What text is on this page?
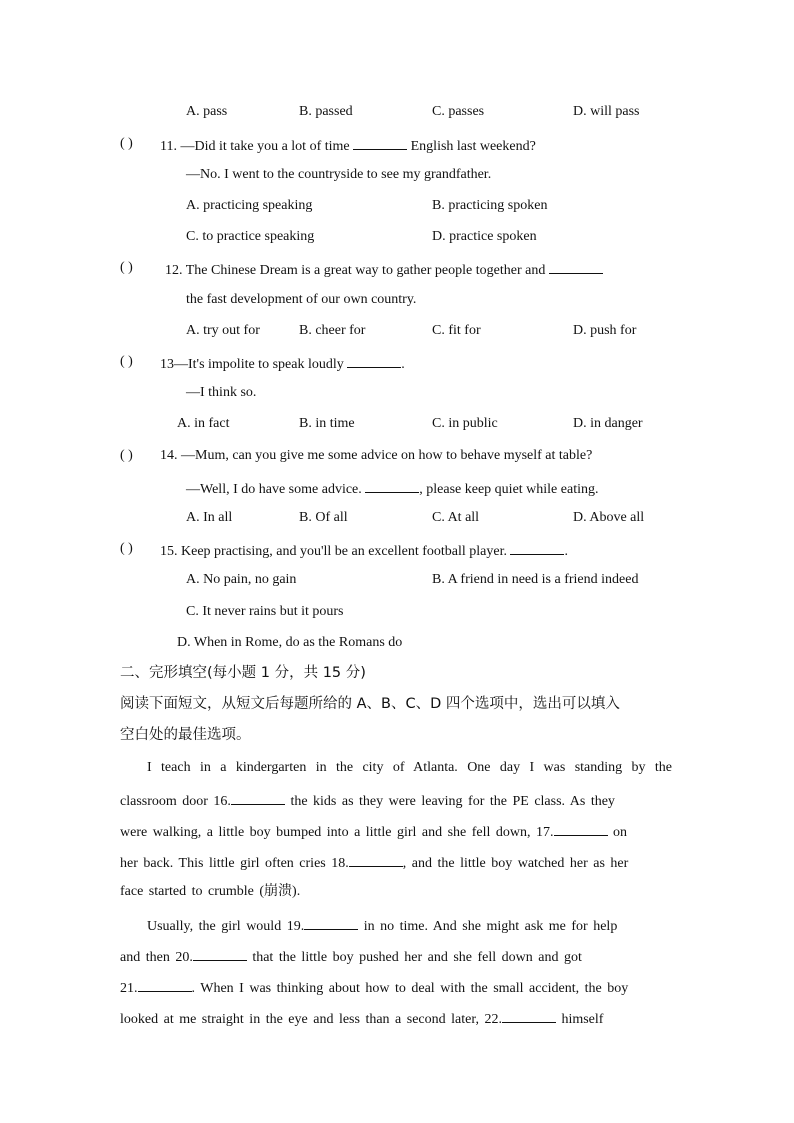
A. pass	B. passed	C. passes	D. will pass
( ) 11. —Did it take you a lot of time	English last weekend?
—No. I went to the countryside to see my grandfather.
A. practicing speaking	B. practicing spoken
C. to practice speaking	D. practice spoken
( ) 12. The Chinese Dream is a great way to gather people together and
the fast development of our own country.
A. try out for	B. cheer for	C. fit for	D. push for
( ) 13—It's impolite to speak loudly	.
—I think so.
A. in fact	B. in time	C. in public	D. in danger
( ) 14. —Mum, can you give me some advice on how to behave myself at table?
—Well, I do have some advice.	, please keep quiet while eating.
A. In all	B. Of all	C. At all	D. Above all
( ) 15. Keep practising, and you'll be an excellent football player.	.
A. No pain, no gain	B. A friend in need is a friend indeed
C. It never rains but it pours
D. When in Rome, do as the Romans do
二、完形填空(每小题 1 分，共 15 分)
阅读下面短文，从短文后每题所给的 A、B、C、D 四个选项中，选出可以填入
空白处的最佳选项。
I teach in a kindergarten in the city of Atlanta. One day I was standing by the
classroom door 16.	the kids as they were leaving for the PE class. As they
were walking, a little boy bumped into a little girl and she fell down, 17.	on
her back. This little girl often cries 18.	, and the little boy watched her as her
face started to crumble (崩溃).
Usually, the girl would 19.	in no time. And she might ask me for help
and then 20.	that the little boy pushed her and she fell down and got
21.	. When I was thinking about how to deal with the small accident, the boy
looked at me straight in the eye and less than a second later, 22.	himself
